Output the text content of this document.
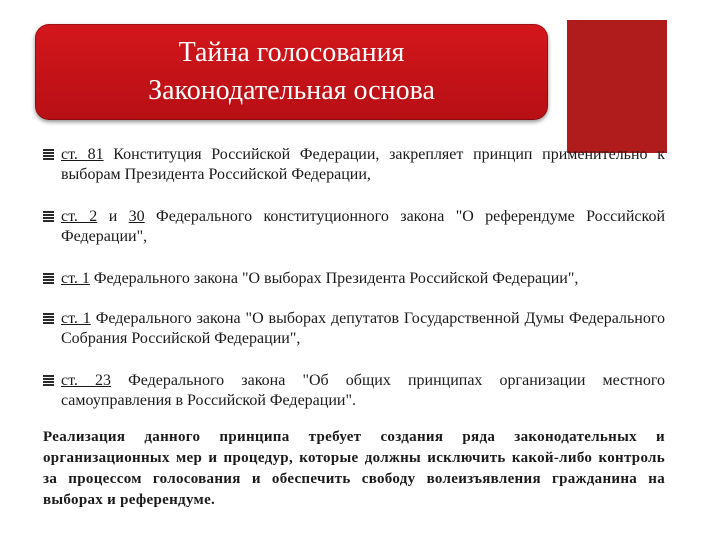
Тайна голосования
Законодательная основа
ст. 81 Конституция Российской Федерации, закрепляет принцип применительно к выборам Президента Российской Федерации,
ст. 2 и 30 Федерального конституционного закона "О референдуме Российской Федерации",
ст. 1 Федерального закона "О выборах Президента Российской Федерации",
ст. 1 Федерального закона "О выборах депутатов Государственной Думы Федерального Собрания Российской Федерации",
ст. 23 Федерального закона "Об общих принципах организации местного самоуправления в Российской Федерации".
Реализация данного принципа требует создания ряда законодательных и организационных мер и процедур, которые должны исключить какой-либо контроль за процессом голосования и обеспечить свободу волеизъявления гражданина на выборах и референдуме.
